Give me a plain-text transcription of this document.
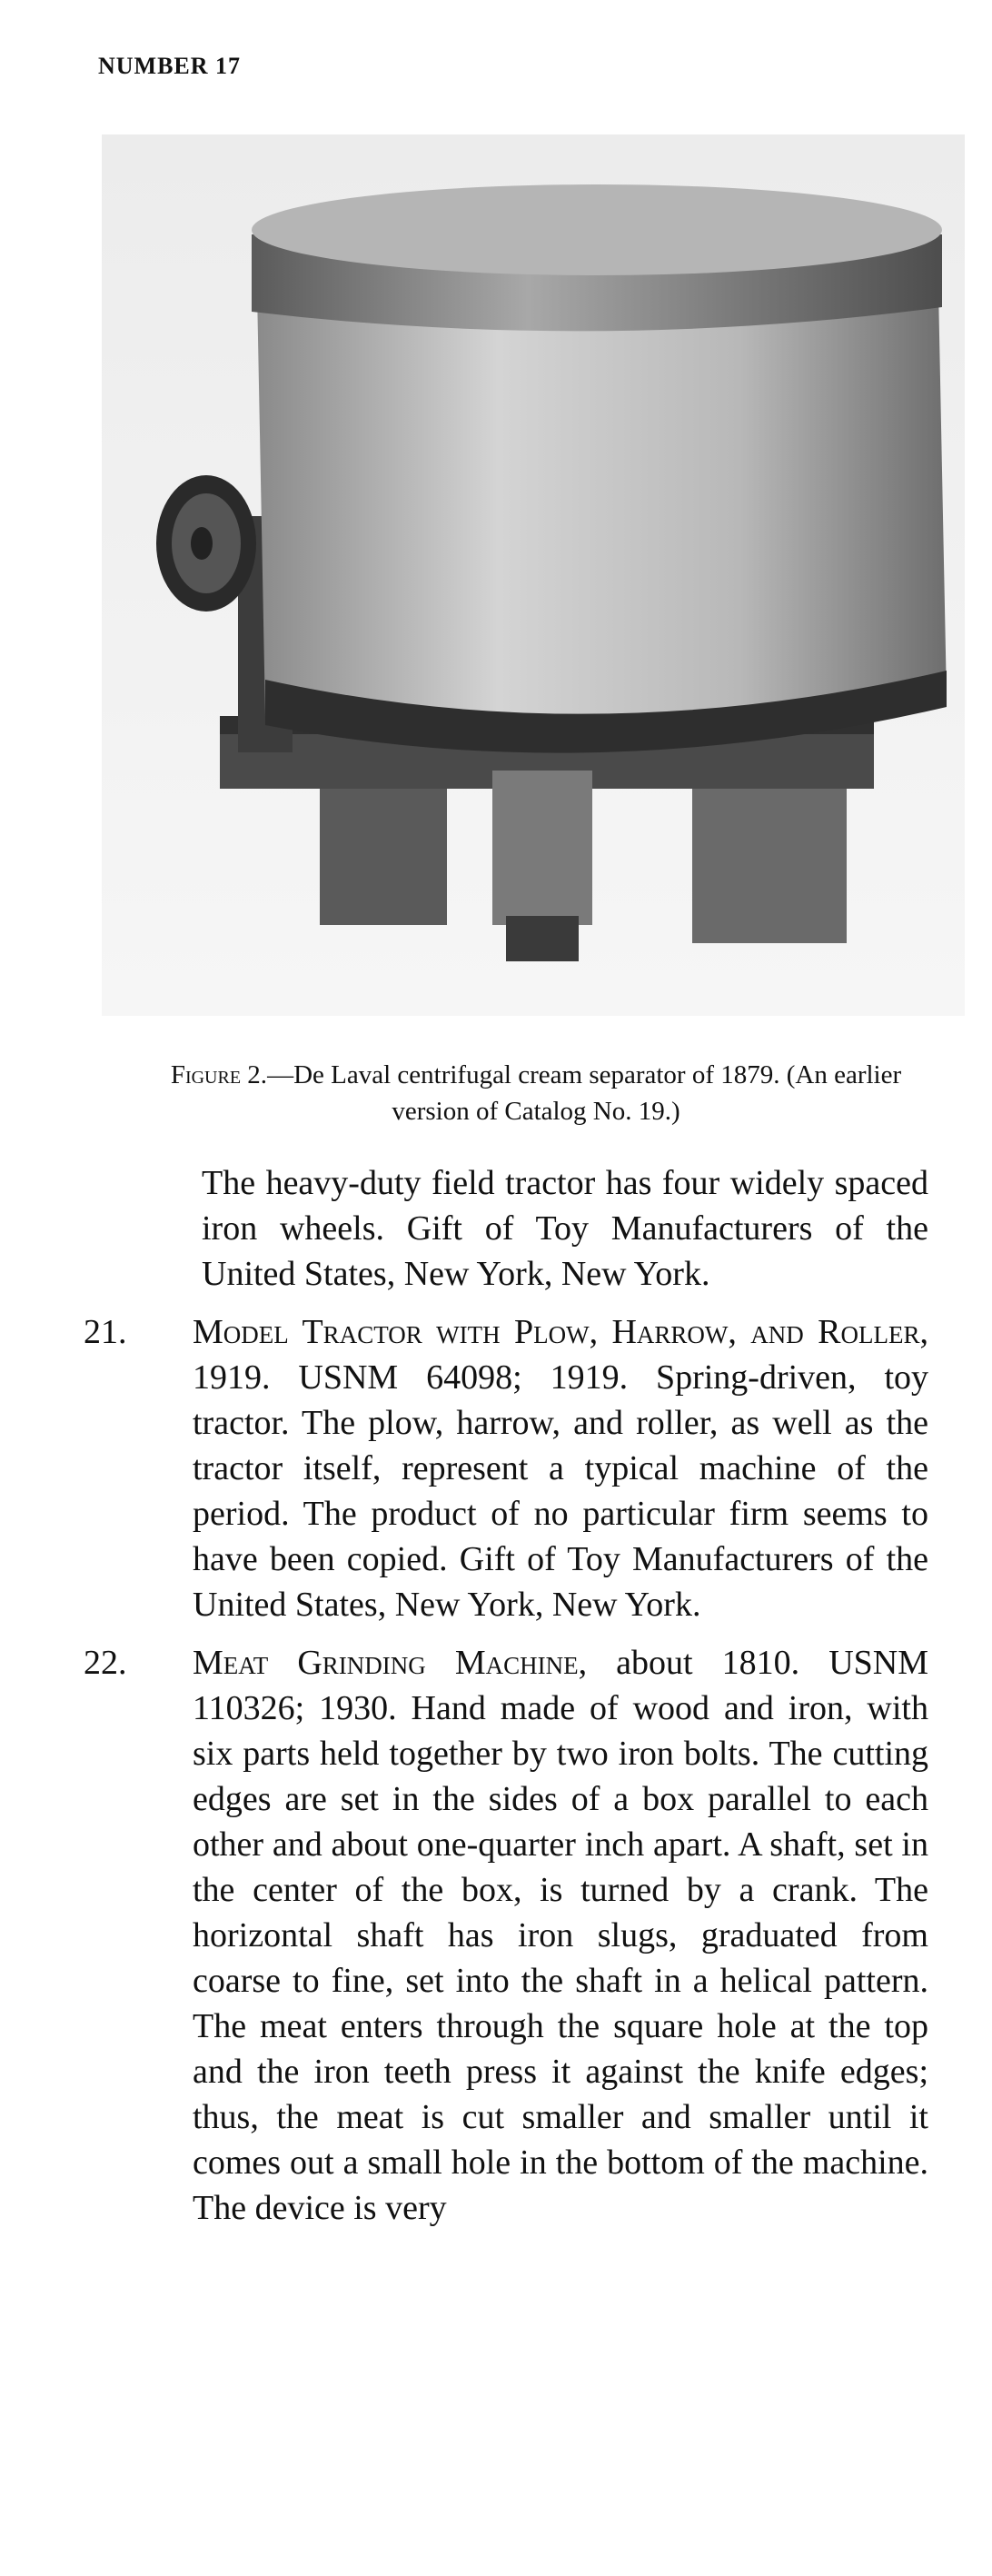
NUMBER 17
Figure 2.—De Laval centrifugal cream separator of 1879. (An earlier version of Catalog No. 19.)

The heavy-duty field tractor has four widely spaced iron wheels. Gift of Toy Manufacturers of the United States, New York, New York.

21. Model Tractor with Plow, Harrow, and Roller, 1919. USNM 64098; 1919. Spring-driven, toy tractor. The plow, harrow, and roller, as well as the tractor itself, represent a typical machine of the period. The product of no particular firm seems to have been copied. Gift of Toy Manufacturers of the United States, New York, New York.

22. Meat Grinding Machine, about 1810. USNM 110326; 1930. Hand made of wood and iron, with six parts held together by two iron bolts. The cutting edges are set in the sides of a box parallel to each other and about one-quarter inch apart. A shaft, set in the center of the box, is turned by a crank. The horizontal shaft has iron slugs, graduated from coarse to fine, set into the shaft in a helical pattern. The meat enters through the square hole at the top and the iron teeth press it against the knife edges; thus, the meat is cut smaller and smaller until it comes out a small hole in the bottom of the machine. The device is very
